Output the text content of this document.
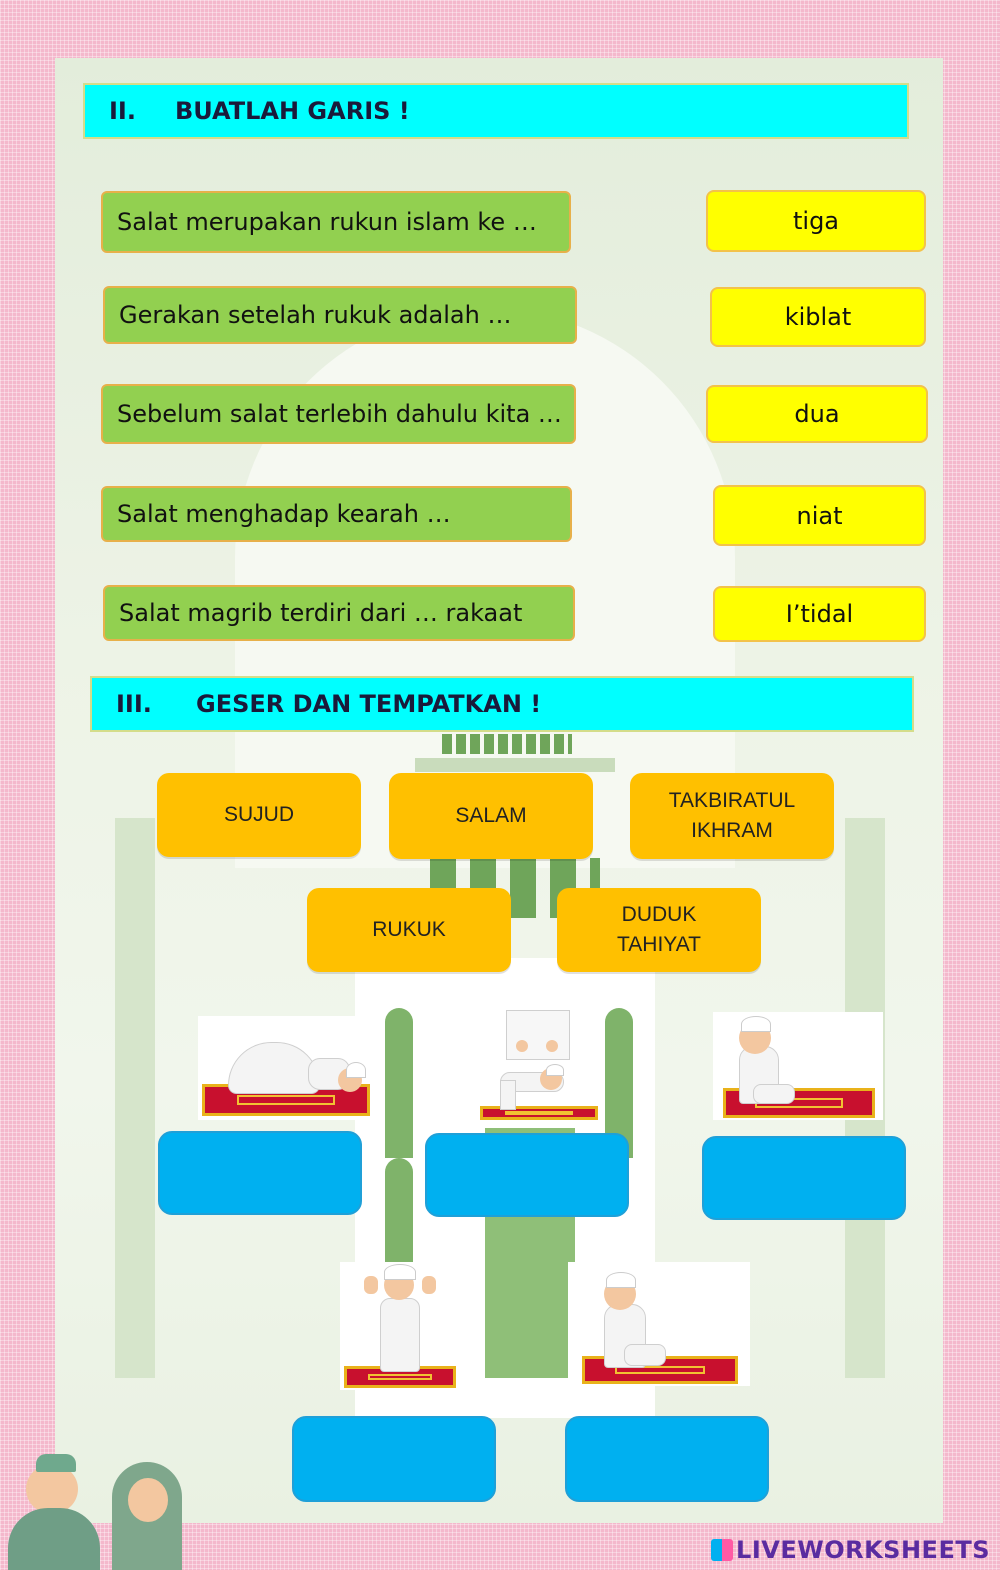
II.	BUATLAH GARIS !
Salat merupakan rukun islam ke …
Gerakan setelah rukuk adalah …
Sebelum salat terlebih dahulu kita …
Salat menghadap kearah …
Salat magrib terdiri dari … rakaat
tiga
kiblat
dua
niat
I’tidal
III.	GESER DAN TEMPATKAN !
SUJUD	SALAM
TAKBIRATUL
IKHRAM
RUKUK
DUDUK
TAHIYAT
LIVEWORKSHEETS
